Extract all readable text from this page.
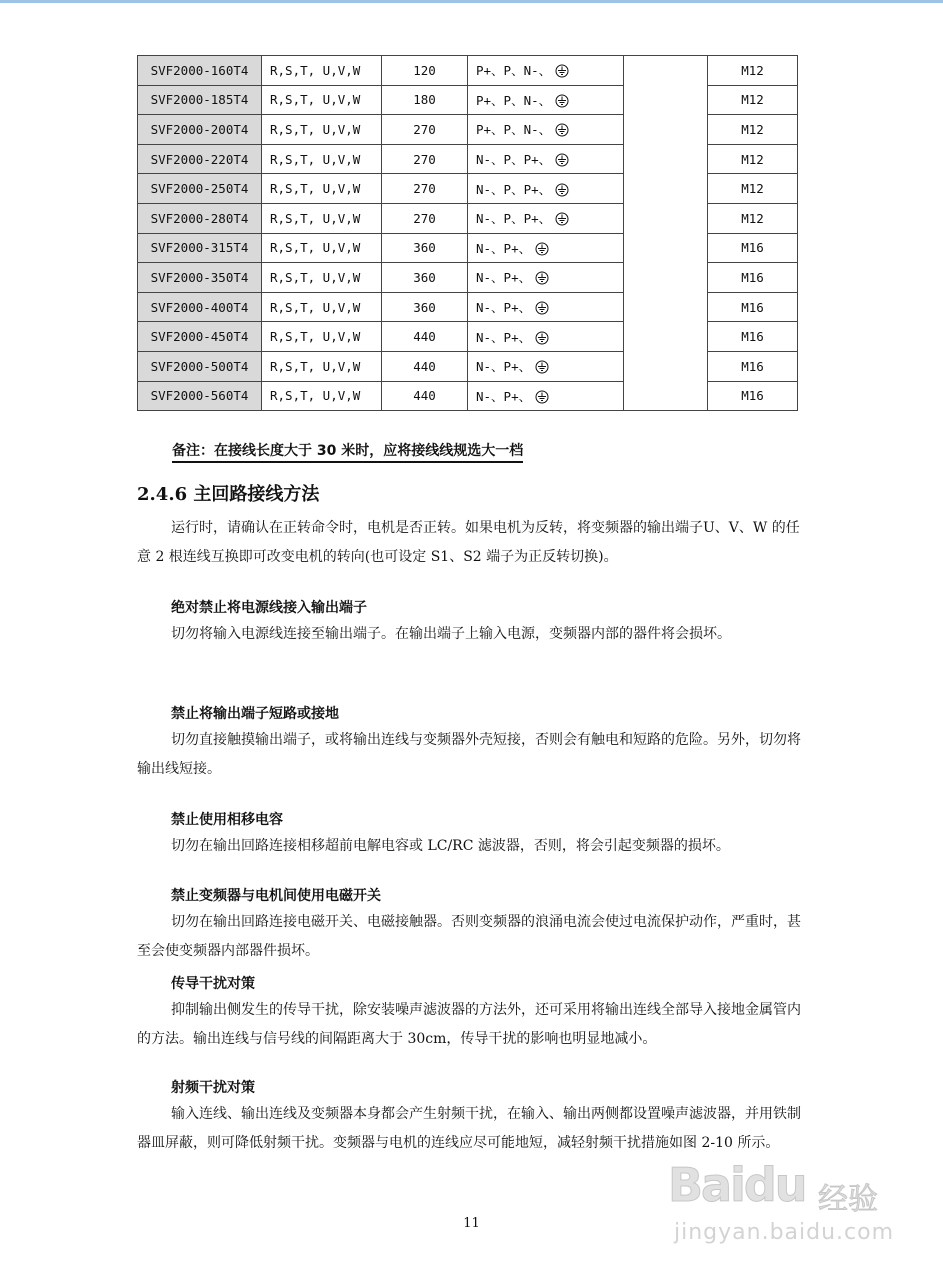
SVF2000-160T4	R,S,T, U,V,W	120	P+、P、N-、		M12
SVF2000-185T4	R,S,T, U,V,W	180	P+、P、N-、		M12
SVF2000-200T4	R,S,T, U,V,W	270	P+、P、N-、		M12
SVF2000-220T4	R,S,T, U,V,W	270	N-、P、P+、		M12
SVF2000-250T4	R,S,T, U,V,W	270	N-、P、P+、		M12
SVF2000-280T4	R,S,T, U,V,W	270	N-、P、P+、		M12
SVF2000-315T4	R,S,T, U,V,W	360	N-、P+、		M16
SVF2000-350T4	R,S,T, U,V,W	360	N-、P+、		M16
SVF2000-400T4	R,S,T, U,V,W	360	N-、P+、		M16
SVF2000-450T4	R,S,T, U,V,W	440	N-、P+、		M16
SVF2000-500T4	R,S,T, U,V,W	440	N-、P+、		M16
SVF2000-560T4	R,S,T, U,V,W	440	N-、P+、		M16
备注：在接线长度大于 30 米时，应将接线线规选大一档
2.4.6 主回路接线方法

运行时，请确认在正转命令时，电机是否正转。如果电机为反转，将变频器的输出端子U、V、W 的任意 2 根连线互换即可改变电机的转向(也可设定 S1、S2 端子为正反转切换)。

绝对禁止将电源线接入输出端子

切勿将输入电源线连接至输出端子。在输出端子上输入电源，变频器内部的器件将会损坏。

禁止将输出端子短路或接地

切勿直接触摸输出端子，或将输出连线与变频器外壳短接，否则会有触电和短路的危险。另外，切勿将输出线短接。

禁止使用相移电容

切勿在输出回路连接相移超前电解电容或 LC/RC 滤波器，否则，将会引起变频器的损坏。

禁止变频器与电机间使用电磁开关

切勿在输出回路连接电磁开关、电磁接触器。否则变频器的浪涌电流会使过电流保护动作，严重时，甚至会使变频器内部器件损坏。

传导干扰对策

抑制输出侧发生的传导干扰，除安装噪声滤波器的方法外，还可采用将输出连线全部导入接地金属管内的方法。输出连线与信号线的间隔距离大于 30cm，传导干扰的影响也明显地减小。

射频干扰对策

输入连线、输出连线及变频器本身都会产生射频干扰，在输入、输出两侧都设置噪声滤波器，并用铁制器皿屏蔽，则可降低射频干扰。变频器与电机的连线应尽可能地短，减轻射频干扰措施如图 2-10 所示。

11
Baidu 经验
jingyan.baidu.com
